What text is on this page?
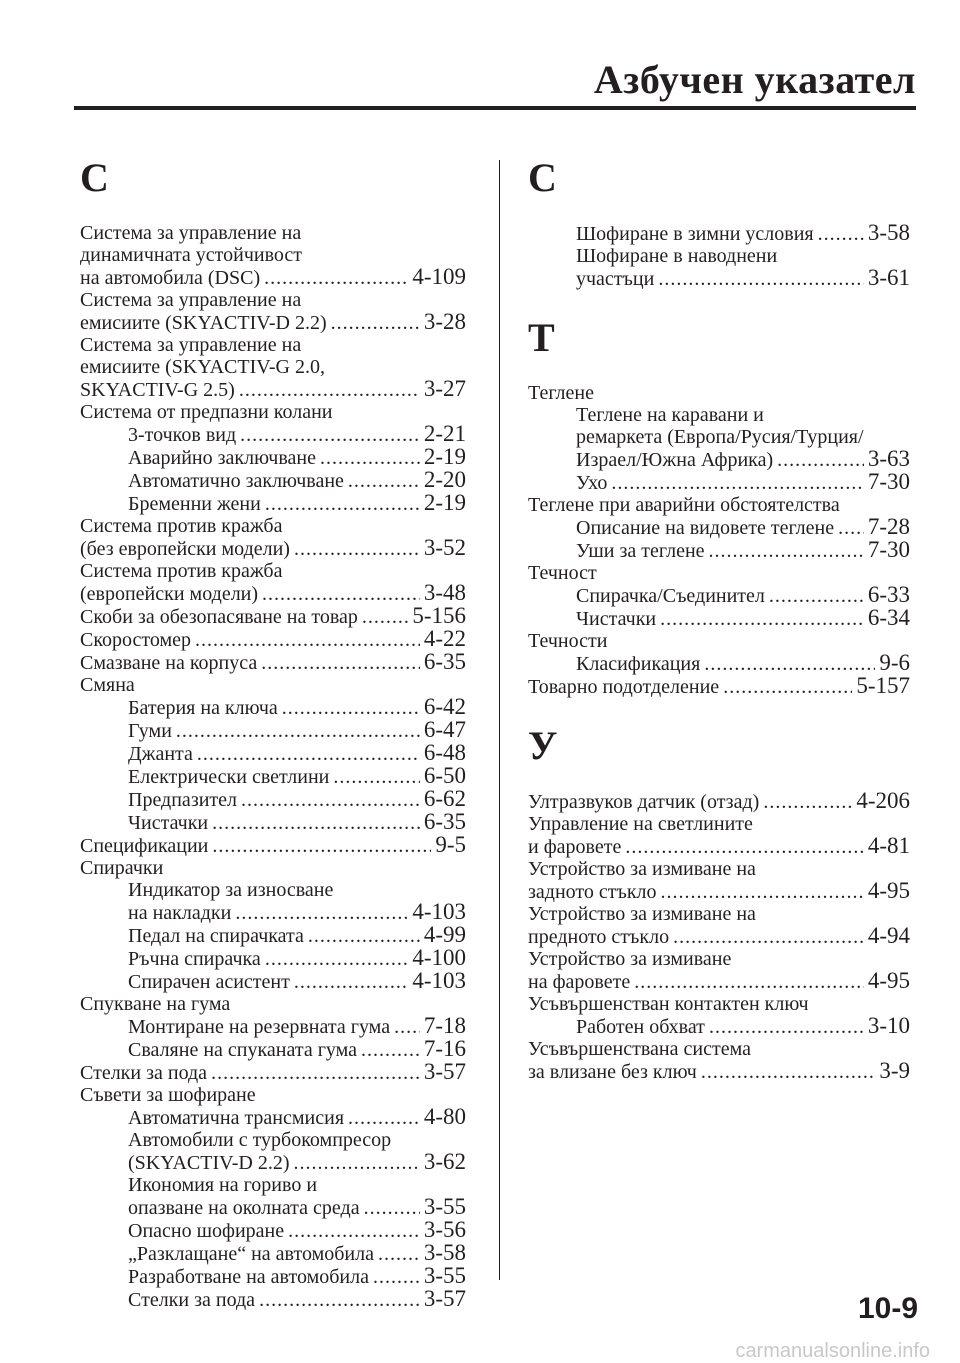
Азбучен указател
С
Система за управление на
динамичната устойчивост
на автомобила (DSC) .....	4-109
Система за управление на
емисиите (SKYACTIV-D 2.2) .....	3-28
Система за управление на
емисиите (SKYACTIV-G 2.0,
SKYACTIV-G 2.5) .....	3-27
Система от предпазни колани
3-точков вид .....	2-21
Аварийно заключване .....	2-19
Автоматично заключване .....	2-20
Бременни жени .....	2-19
Система против кражба
(без европейски модели) .....	3-52
Система против кражба
(европейски модели) .....	3-48
Скоби за обезопасяване на товар ..... 5-156
Скоростомер .....	4-22
Смазване на корпуса .....	6-35
Смяна
Батерия на ключа .....	6-42
Гуми .....	6-47
Джанта .....	6-48
Електрически светлини .....	6-50
Предпазител .....	6-62
Чистачки .....	6-35
Спецификации .....	9-5
Спирачки
Индикатор за износване
на накладки .....	4-103
Педал на спирачката .....	4-99
Ръчна спирачка .....	4-100
Спирачен асистент .....	4-103
Спукване на гума
Монтиране на резервната гума ..... 7-18
Сваляне на спуканата гума .....	7-16
Стелки за пода .....	3-57
Съвети за шофиране
Автоматична трансмисия .....	4-80
Автомобили с турбокомпресор
(SKYACTIV-D 2.2) .....	3-62
Икономия на гориво и
опазване на околната среда .....	3-55
Опасно шофиране .....	3-56
„Разклащане“ на автомобила ..... 3-58
Разработване на автомобила ..... 3-55
Стелки за пода .....	3-57
С
Шофиране в зимни условия ..... 3-58
Шофиране в наводнени
участъци .....	3-61
Т
Теглене
Теглене на каравани и
ремаркета (Европа/Русия/Турция/
Израел/Южна Африка) .....	3-63
Ухо .....	7-30
Теглене при аварийни обстоятелства
Описание на видовете теглене ..... 7-28
Уши за теглене .....	7-30
Течност
Спирачка/Съединител .....	6-33
Чистачки .....	6-34
Течности
Класификация .....	9-6
Товарно подотделение .....	5-157
У
Ултразвуков датчик (отзад) .....	4-206
Управление на светлините
и фаровете .....	4-81
Устройство за измиване на
задното стъкло .....	4-95
Устройство за измиване на
предното стъкло .....	4-94
Устройство за измиване
на фаровете .....	4-95
Усъвършенстван контактен ключ
Работен обхват .....	3-10
Усъвършенствана система
за влизане без ключ .....	3-9
10-9
carmanualsonline.info
